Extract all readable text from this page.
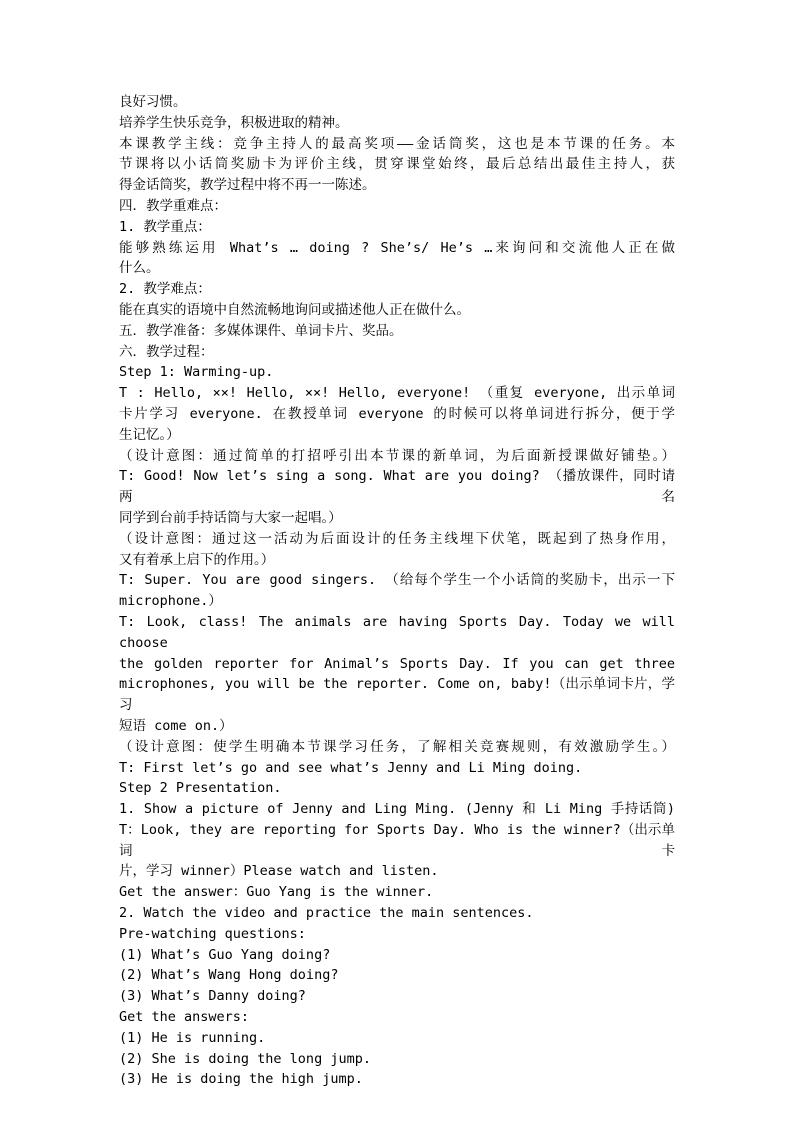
良好习惯。
培养学生快乐竞争，积极进取的精神。
本课教学主线：竞争主持人的最高奖项——金话筒奖，这也是本节课的任务。本
节课将以小话筒奖励卡为评价主线，贯穿课堂始终，最后总结出最佳主持人，获
得金话筒奖，教学过程中将不再一一陈述。
四．教学重难点：
1. 教学重点：
能够熟练运用 What’s … doing ? She’s/ He’s …来询问和交流他人正在做
什么。
2. 教学难点：
能在真实的语境中自然流畅地询问或描述他人正在做什么。
五．教学准备：多媒体课件、单词卡片、奖品。
六．教学过程：
Step 1: Warming-up.
T : Hello, ××! Hello, ××! Hello, everyone! （重复 everyone, 出示单词
卡片学习 everyone. 在教授单词 everyone 的时候可以将单词进行拆分，便于学
生记忆。）
（设计意图：通过简单的打招呼引出本节课的新单词，为后面新授课做好铺垫。）
T: Good! Now let’s sing a song. What are you doing? （播放课件，同时请两名
同学到台前手持话筒与大家一起唱。）
（设计意图：通过这一活动为后面设计的任务主线埋下伏笔，既起到了热身作用，
又有着承上启下的作用。）
T: Super. You are good singers. （给每个学生一个小话筒的奖励卡，出示一下
microphone.）
T: Look, class! The animals are having Sports Day. Today we will choose
the golden reporter for Animal’s Sports Day. If you can get three
microphones, you will be the reporter. Come on, baby!（出示单词卡片，学习
短语 come on.）
（设计意图：使学生明确本节课学习任务，了解相关竞赛规则，有效激励学生。）
T: First let’s go and see what’s Jenny and Li Ming doing.
Step 2 Presentation.
1. Show a picture of Jenny and Ling Ming. (Jenny 和 Li Ming 手持话筒)
T：Look, they are reporting for Sports Day. Who is the winner?（出示单词卡
片，学习 winner）Please watch and listen.
Get the answer：Guo Yang is the winner.
2. Watch the video and practice the main sentences.
Pre-watching questions:
(1) What’s Guo Yang doing?
(2) What’s Wang Hong doing?
(3) What’s Danny doing?
Get the answers:
(1) He is running.
(2) She is doing the long jump.
(3) He is doing the high jump.
